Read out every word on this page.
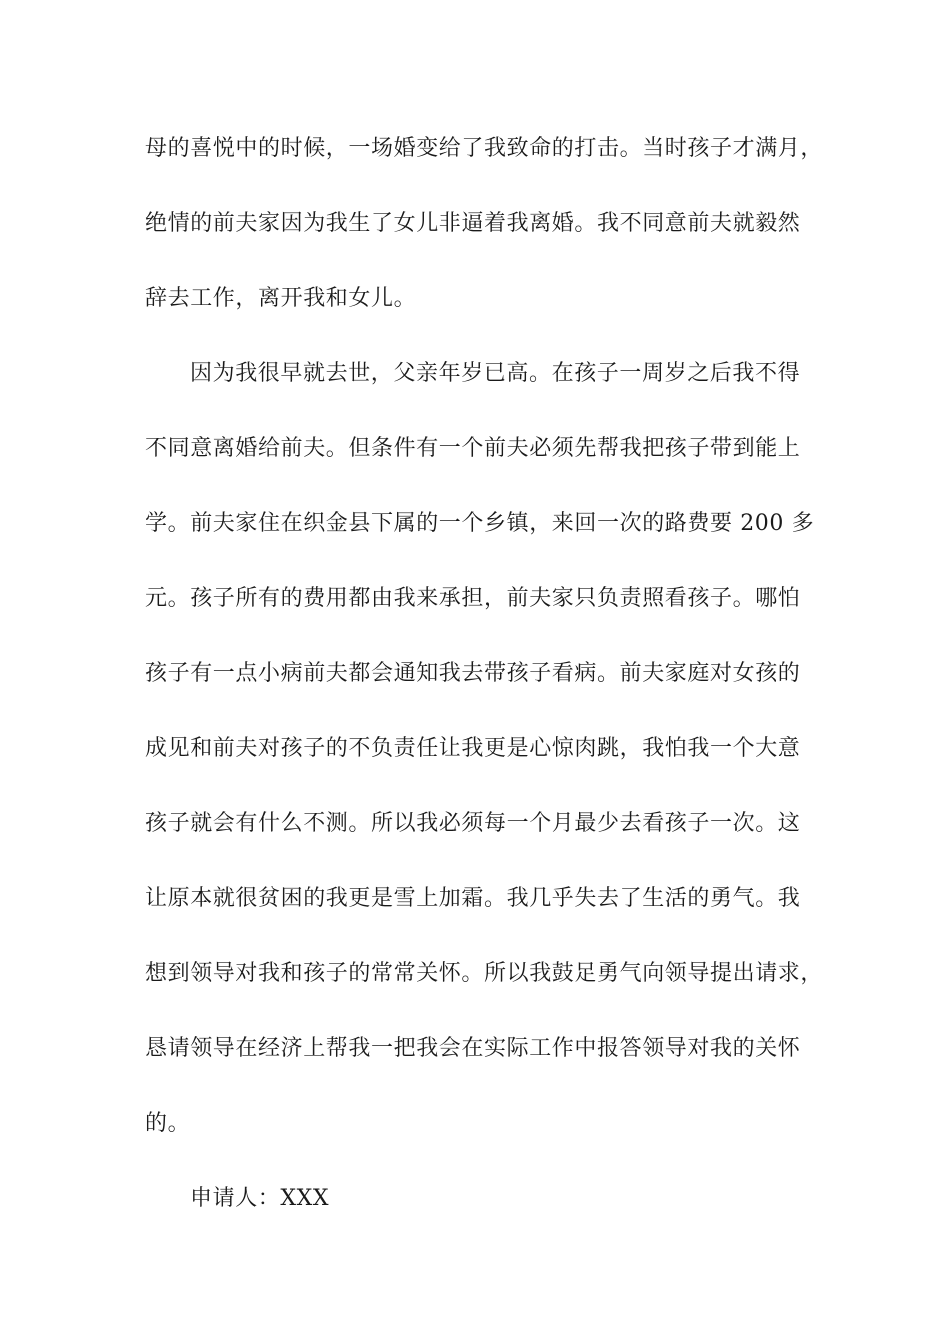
母的喜悦中的时候，一场婚变给了我致命的打击。当时孩子才满月，
绝情的前夫家因为我生了女儿非逼着我离婚。我不同意前夫就毅然
辞去工作，离开我和女儿。
因为我很早就去世，父亲年岁已高。在孩子一周岁之后我不得
不同意离婚给前夫。但条件有一个前夫必须先帮我把孩子带到能上
学。前夫家住在织金县下属的一个乡镇，来回一次的路费要 200 多
元。孩子所有的费用都由我来承担，前夫家只负责照看孩子。哪怕
孩子有一点小病前夫都会通知我去带孩子看病。前夫家庭对女孩的
成见和前夫对孩子的不负责任让我更是心惊肉跳，我怕我一个大意
孩子就会有什么不测。所以我必须每一个月最少去看孩子一次。这
让原本就很贫困的我更是雪上加霜。我几乎失去了生活的勇气。我
想到领导对我和孩子的常常关怀。所以我鼓足勇气向领导提出请求，
恳请领导在经济上帮我一把我会在实际工作中报答领导对我的关怀
的。
申请人：XXX
